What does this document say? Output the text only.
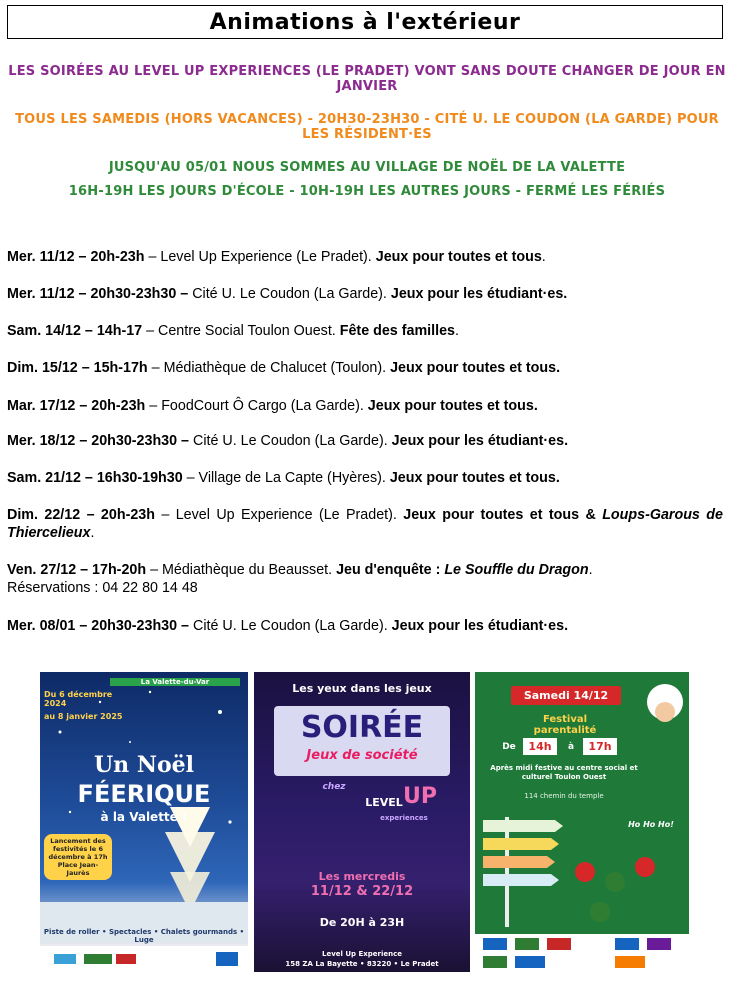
Animations à l'extérieur
LES SOIRÉES AU LEVEL UP EXPERIENCES (LE PRADET) VONT SANS DOUTE CHANGER DE JOUR EN JANVIER
TOUS LES SAMEDIS (HORS VACANCES) - 20H30-23H30 - CITÉ U. LE COUDON (LA GARDE) POUR LES RÉSIDENT·ES
JUSQU'AU 05/01 NOUS SOMMES AU VILLAGE DE NOËL DE LA VALETTE
16H-19H LES JOURS D'ÉCOLE - 10H-19H LES AUTRES JOURS - FERMÉ LES FÉRIÉS
Mer. 11/12 – 20h-23h – Level Up Experience (Le Pradet). Jeux pour toutes et tous.
Mer. 11/12 – 20h30-23h30 – Cité U. Le Coudon (La Garde). Jeux pour les étudiant·es.
Sam. 14/12 – 14h-17 – Centre Social Toulon Ouest. Fête des familles.
Dim. 15/12 – 15h-17h – Médiathèque de Chalucet (Toulon). Jeux pour toutes et tous.
Mar. 17/12 – 20h-23h – FoodCourt Ô Cargo (La Garde). Jeux pour toutes et tous.
Mer. 18/12 – 20h30-23h30 – Cité U. Le Coudon (La Garde). Jeux pour les étudiant·es.
Sam. 21/12 – 16h30-19h30 – Village de La Capte (Hyères). Jeux pour toutes et tous.
Dim. 22/12 – 20h-23h – Level Up Experience (Le Pradet). Jeux pour toutes et tous & Loups-Garous de Thiercelieux.
Ven. 27/12 – 17h-20h – Médiathèque du Beausset. Jeu d'enquête : Le Souffle du Dragon.
Réservations : 04 22 80 14 48
Mer. 08/01 – 20h30-23h30 – Cité U. Le Coudon (La Garde). Jeux pour les étudiant·es.
La Valette-du-Var
Du 6 décembre 2024
au 8 janvier 2025
Un Noël
FÉERIQUE
à la Valette !
Lancement des festivités le 6 décembre à 17h Place Jean-Jaurès
Piste de roller • Spectacles • Chalets gourmands • Luge
Les yeux dans les jeux
SOIRÉE
Jeux de société
chez
LEVEL UP
experiences
Les mercredis
11/12 & 22/12
De 20H à 23H
Level Up Experience
158 ZA La Bayette • 83220 • Le Pradet
Samedi 14/12
Festival parentalité
De	14h	à	17h
Après midi festive au centre social et culturel Toulon Ouest
114 chemin du temple
Ho Ho Ho!
